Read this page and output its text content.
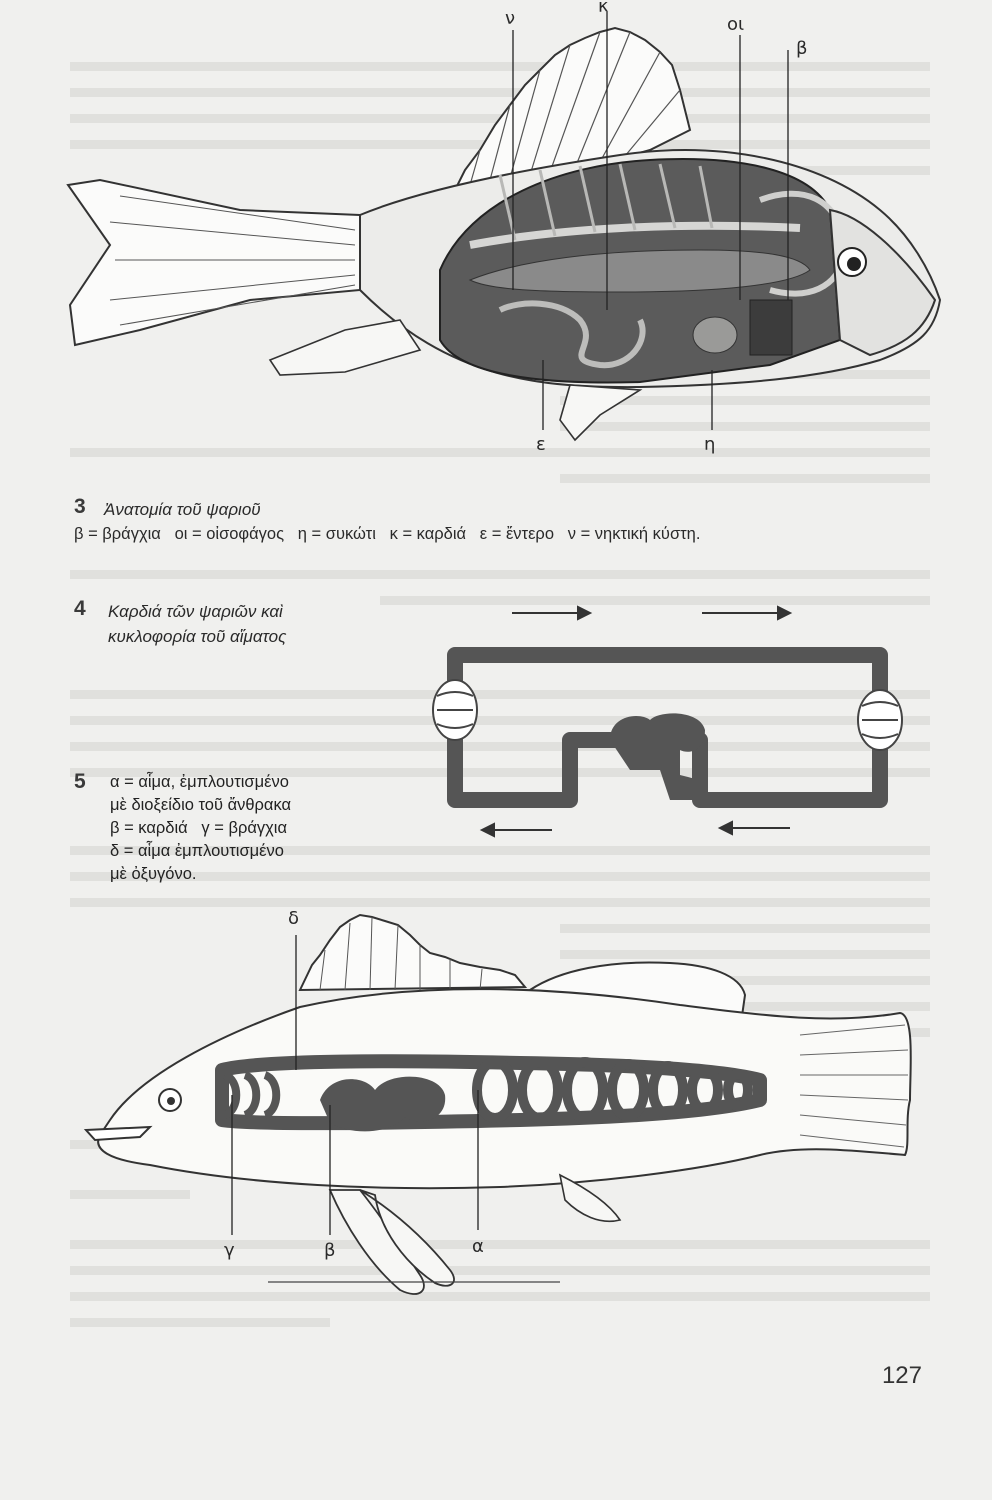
ν
κ
οι
β
ε	η
3 Ἀνατομία τοῦ ψαριοῦ
β = βράγχια   οι = οἰσοφάγος   η = συκώτι   κ = καρδιά   ε = ἔντερο   ν = νηκτική κύστη.
4 Καρδιά τῶν ψαριῶν καὶ
κυκλοφορία τοῦ αἵματος
5 α = αἷμα, ἐμπλουτισμένο
μὲ διοξείδιο τοῦ ἄνθρακα
β = καρδιά   γ = βράγχια
δ = αἷμα ἐμπλουτισμένο
μὲ ὀξυγόνο.
δ
γ	β	α
127
